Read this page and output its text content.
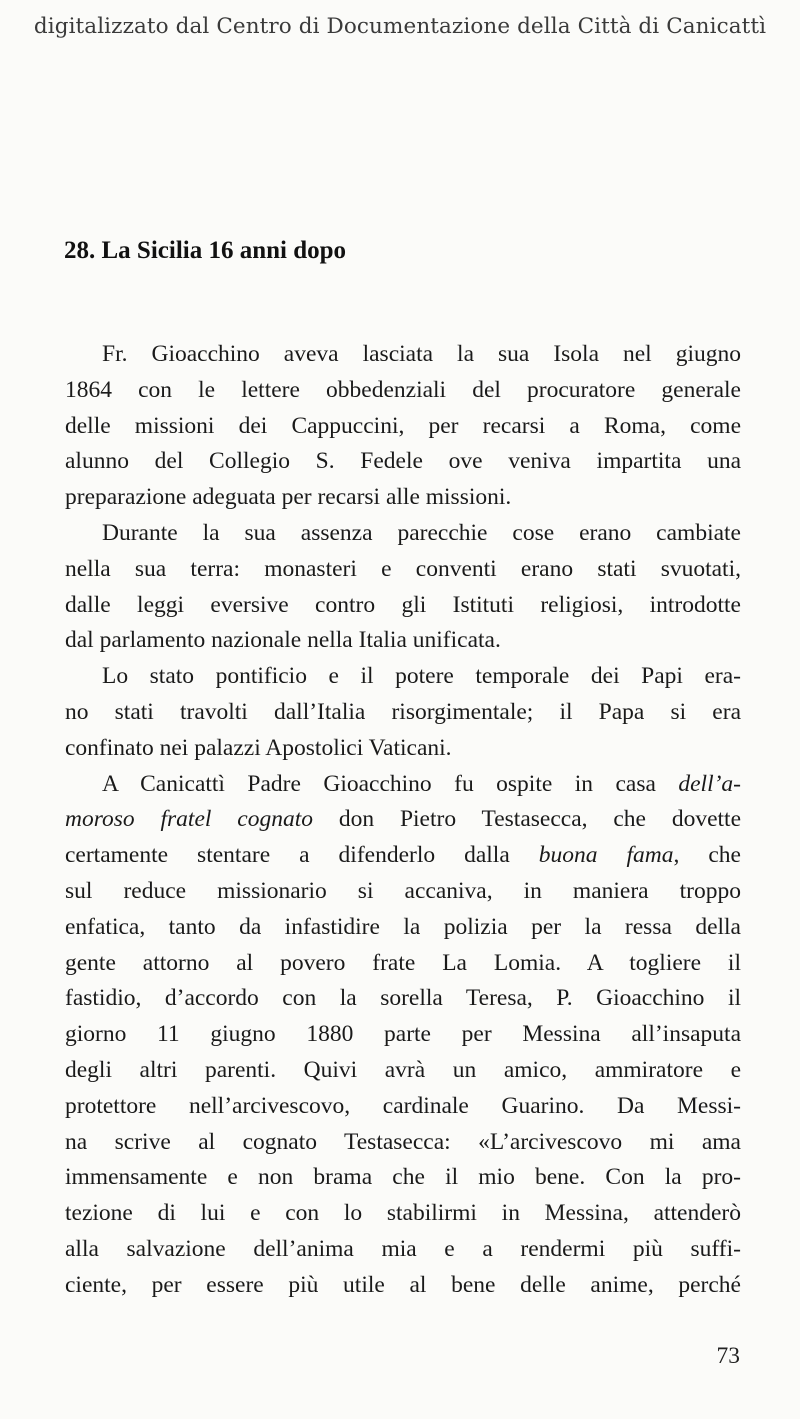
digitalizzato dal Centro di Documentazione della Città di Canicattì
28. La Sicilia 16 anni dopo
Fr. Gioacchino aveva lasciata la sua Isola nel giugno
1864 con le lettere obbedenziali del procuratore generale
delle missioni dei Cappuccini, per recarsi a Roma, come
alunno del Collegio S. Fedele ove veniva impartita una
preparazione adeguata per recarsi alle missioni.
Durante la sua assenza parecchie cose erano cambiate
nella sua terra: monasteri e conventi erano stati svuotati,
dalle leggi eversive contro gli Istituti religiosi, introdotte
dal parlamento nazionale nella Italia unificata.
Lo stato pontificio e il potere temporale dei Papi era-
no stati travolti dall’Italia risorgimentale; il Papa si era
confinato nei palazzi Apostolici Vaticani.
A Canicattì Padre Gioacchino fu ospite in casa dell’a-
moroso fratel cognato don Pietro Testasecca, che dovette
certamente stentare a difenderlo dalla buona fama, che
sul reduce missionario si accaniva, in maniera troppo
enfatica, tanto da infastidire la polizia per la ressa della
gente attorno al povero frate La Lomia. A togliere il
fastidio, d’accordo con la sorella Teresa, P. Gioacchino il
giorno 11 giugno 1880 parte per Messina all’insaputa
degli altri parenti. Quivi avrà un amico, ammiratore e
protettore nell’arcivescovo, cardinale Guarino. Da Messi-
na scrive al cognato Testasecca: «L’arcivescovo mi ama
immensamente e non brama che il mio bene. Con la pro-
tezione di lui e con lo stabilirmi in Messina, attenderò
alla salvazione dell’anima mia e a rendermi più suffi-
ciente, per essere più utile al bene delle anime, perché
73
